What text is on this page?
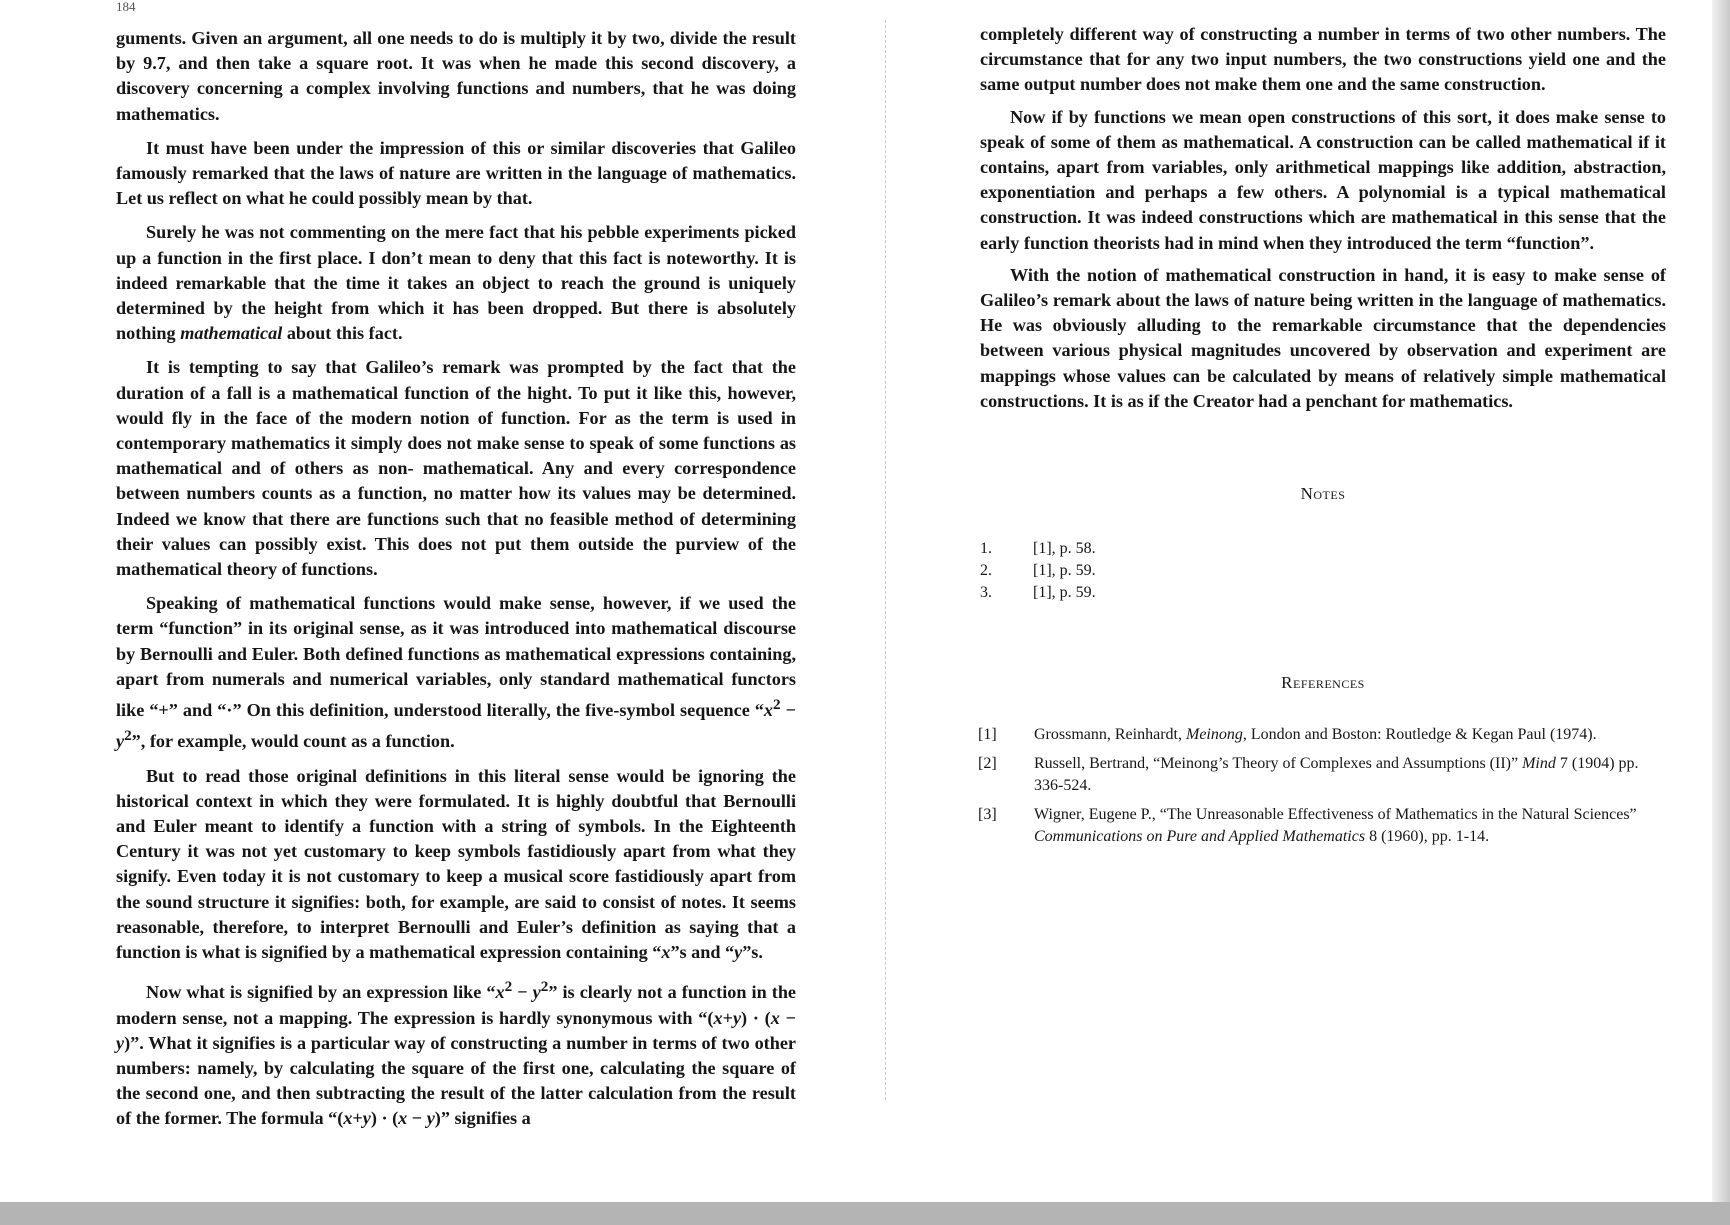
184

guments. Given an argument, all one needs to do is multiply it by two, divide the result by 9.7, and then take a square root. It was when he made this second discovery, a discovery concerning a complex involving functions and numbers, that he was doing mathematics.

It must have been under the impression of this or similar discoveries that Galileo famously remarked that the laws of nature are written in the language of mathematics. Let us reflect on what he could possibly mean by that.

Surely he was not commenting on the mere fact that his pebble experiments picked up a function in the first place. I don’t mean to deny that this fact is noteworthy. It is indeed remarkable that the time it takes an object to reach the ground is uniquely determined by the height from which it has been dropped. But there is absolutely nothing mathematical about this fact.

It is tempting to say that Galileo’s remark was prompted by the fact that the duration of a fall is a mathematical function of the hight. To put it like this, however, would fly in the face of the modern notion of function. For as the term is used in contemporary mathematics it simply does not make sense to speak of some functions as mathematical and of others as non- mathematical. Any and every correspondence between numbers counts as a function, no matter how its values may be determined. Indeed we know that there are functions such that no feasible method of determining their values can possibly exist. This does not put them outside the purview of the mathematical theory of functions.

Speaking of mathematical functions would make sense, however, if we used the term “function” in its original sense, as it was introduced into mathematical discourse by Bernoulli and Euler. Both defined functions as mathematical expressions containing, apart from numerals and numerical variables, only standard mathematical functors like “+” and “·” On this definition, understood literally, the five-symbol sequence “$x^2 - y^2$”, for example, would count as a function.

But to read those original definitions in this literal sense would be ignoring the historical context in which they were formulated. It is highly doubtful that Bernoulli and Euler meant to identify a function with a string of symbols. In the Eighteenth Century it was not yet customary to keep symbols fastidiously apart from what they signify. Even today it is not customary to keep a musical score fastidiously apart from the sound structure it signifies: both, for example, are said to consist of notes. It seems reasonable, therefore, to interpret Bernoulli and Euler’s definition as saying that a function is what is signified by a mathematical expression containing “x”s and “y”s.

Now what is signified by an expression like “$x^2 - y^2$” is clearly not a function in the modern sense, not a mapping. The expression is hardly synonymous with “(x+y) · (x − y)”. What it signifies is a particular way of constructing a number in terms of two other numbers: namely, by calculating the square of the first one, calculating the square of the second one, and then subtracting the result of the latter calculation from the result of the former. The formula “(x+y) · (x − y)” signifies a

completely different way of constructing a number in terms of two other numbers. The circumstance that for any two input numbers, the two constructions yield one and the same output number does not make them one and the same construction.

Now if by functions we mean open constructions of this sort, it does make sense to speak of some of them as mathematical. A construction can be called mathematical if it contains, apart from variables, only arithmetical mappings like addition, abstraction, exponentiation and perhaps a few others. A polynomial is a typical mathematical construction. It was indeed constructions which are mathematical in this sense that the early function theorists had in mind when they introduced the term “function”.

With the notion of mathematical construction in hand, it is easy to make sense of Galileo’s remark about the laws of nature being written in the language of mathematics. He was obviously alluding to the remarkable circumstance that the dependencies between various physical magnitudes uncovered by observation and experiment are mappings whose values can be calculated by means of relatively simple mathematical constructions. It is as if the Creator had a penchant for mathematics.

Notes
1.	[1], p. 58.
2.	[1], p. 59.
3.	[1], p. 59.
References
[1]	Grossmann, Reinhardt, Meinong, London and Boston: Routledge & Kegan Paul (1974).
[2]	Russell, Bertrand, “Meinong’s Theory of Complexes and Assumptions (II)” Mind 7 (1904) pp. 336-524.
[3]	Wigner, Eugene P., “The Unreasonable Effectiveness of Mathematics in the Natural Sciences” Communications on Pure and Applied Mathematics 8 (1960), pp. 1-14.
